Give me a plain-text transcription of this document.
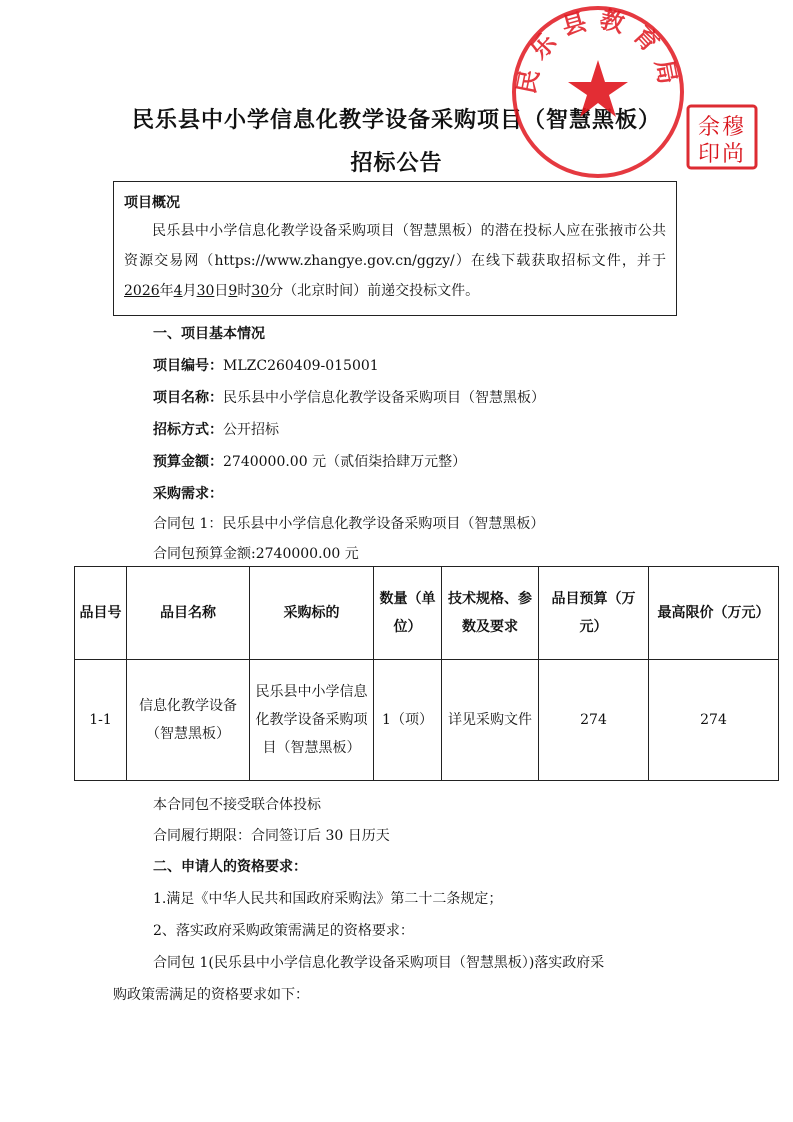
民乐县中小学信息化教学设备采购项目（智慧黑板）
招标公告
项目概况

民乐县中小学信息化教学设备采购项目（智慧黑板）的潜在投标人应在张掖市公共资源交易网（https://www.zhangye.gov.cn/ggzy/）在线下载获取招标文件，并于2026年4月30日9时30分（北京时间）前递交投标文件。

一、项目基本情况
项目编号：MLZC260409-015001
项目名称：民乐县中小学信息化教学设备采购项目（智慧黑板）
招标方式：公开招标
预算金额：2740000.00 元（贰佰柒拾肆万元整）
采购需求：
合同包 1：民乐县中小学信息化教学设备采购项目（智慧黑板）
合同包预算金额:2740000.00 元
品目号	品目名称	采购标的	数量（单位）	技术规格、参数及要求	品目预算（万元）	最高限价（万元）
1-1	信息化教学设备（智慧黑板）	民乐县中小学信息化教学设备采购项目（智慧黑板）	1（项）	详见采购文件	274	274
本合同包不接受联合体投标
合同履行期限：合同签订后 30 日历天
二、申请人的资格要求：
1.满足《中华人民共和国政府采购法》第二十二条规定；
2、落实政府采购政策需满足的资格要求：
合同包 1(民乐县中小学信息化教学设备采购项目（智慧黑板）)落实政府采
购政策需满足的资格要求如下：
民乐县教育局
余穆
印尚
